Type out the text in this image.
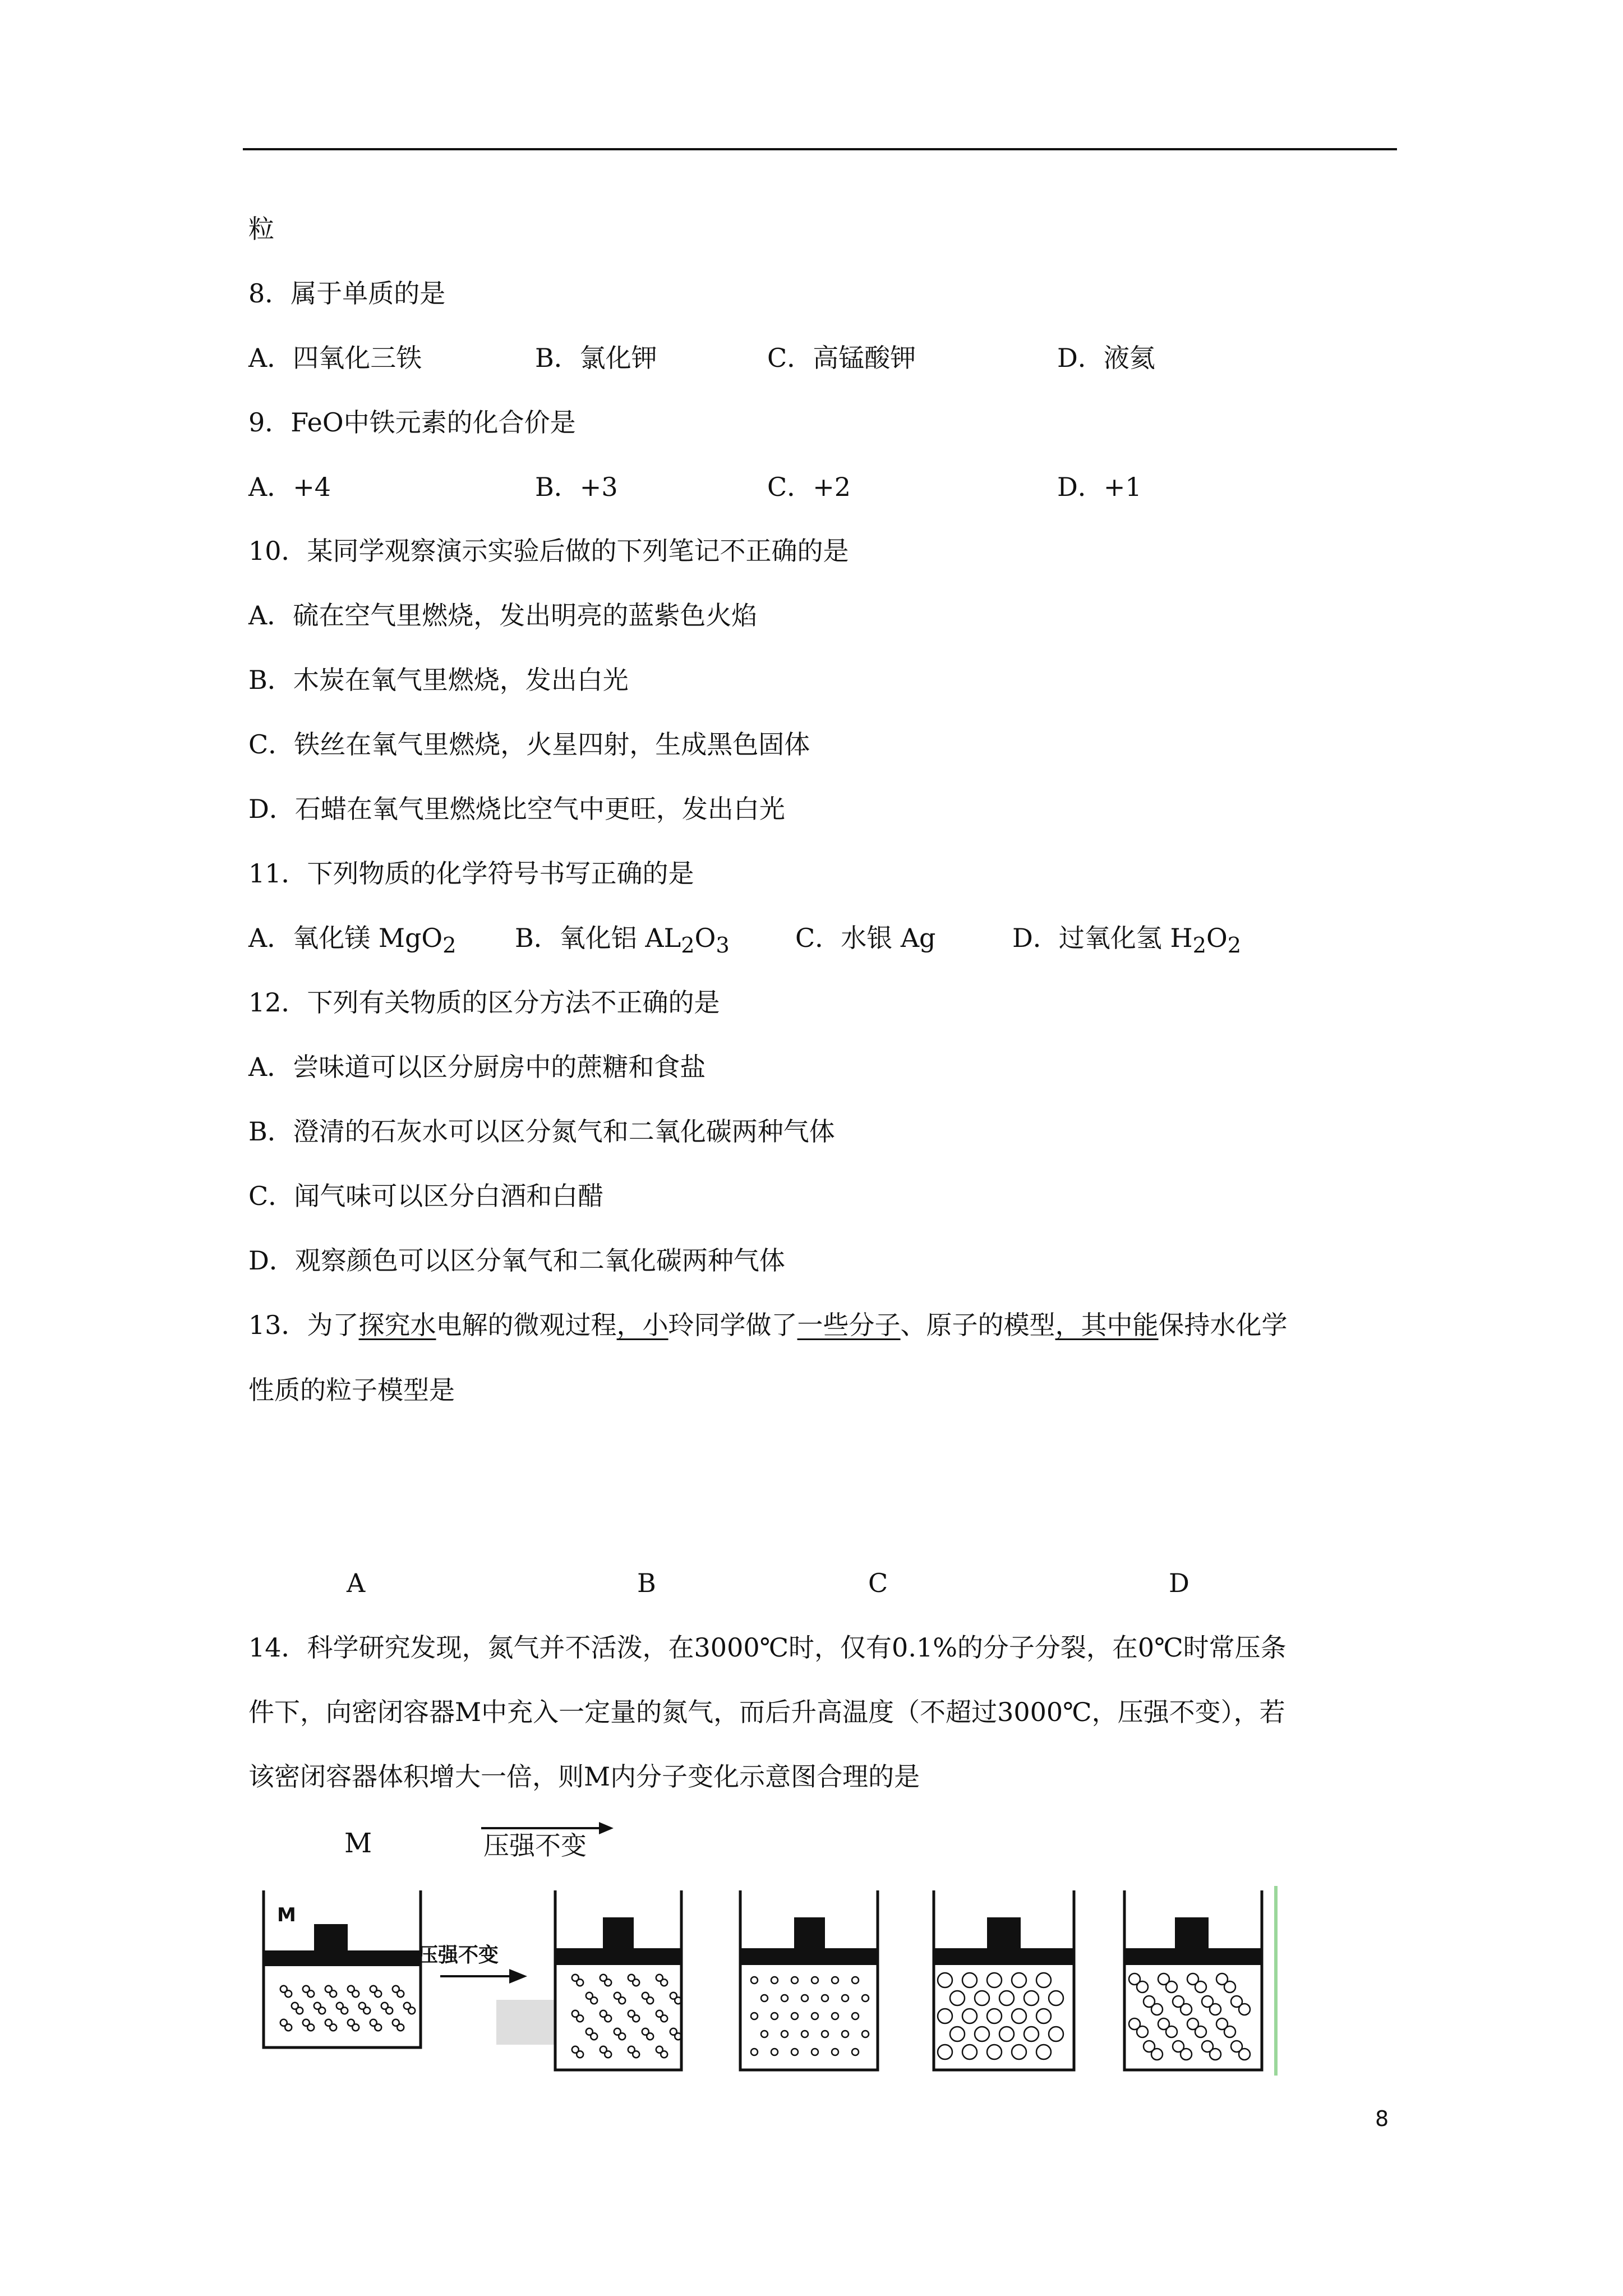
粒
8．属于单质的是
A．四氧化三铁	B．氯化钾	C．高锰酸钾	D．液氦
9．FeO中铁元素的化合价是
A．+4	B．+3	C．+2	D．+1
10．某同学观察演示实验后做的下列笔记不正确的是
A．硫在空气里燃烧，发出明亮的蓝紫色火焰
B．木炭在氧气里燃烧，发出白光
C．铁丝在氧气里燃烧，火星四射，生成黑色固体
D．石蜡在氧气里燃烧比空气中更旺，发出白光
11．下列物质的化学符号书写正确的是
A．氧化镁 MgO$_2$ B．氧化铝 $AL_2O_3$	C．水银 Ag	D．过氧化氢 $H_2O_2$
12．下列有关物质的区分方法不正确的是
A．尝味道可以区分厨房中的蔗糖和食盐
B．澄清的石灰水可以区分氮气和二氧化碳两种气体
C．闻气味可以区分白酒和白醋
D．观察颜色可以区分氧气和二氧化碳两种气体
13．为了探究水电解的微观过程，小玲同学做了一些分子、原子的模型，其中能保持水化学
性质的粒子模型是
A	B	C	D
14．科学研究发现，氮气并不活泼，在3000℃时，仅有0.1%的分子分裂，在0℃时常压条
件下，向密闭容器M中充入一定量的氮气，而后升高温度（不超过3000℃，压强不变），若
该密闭容器体积增大一倍，则M内分子变化示意图合理的是
M	压强不变
M
压强不变
8
